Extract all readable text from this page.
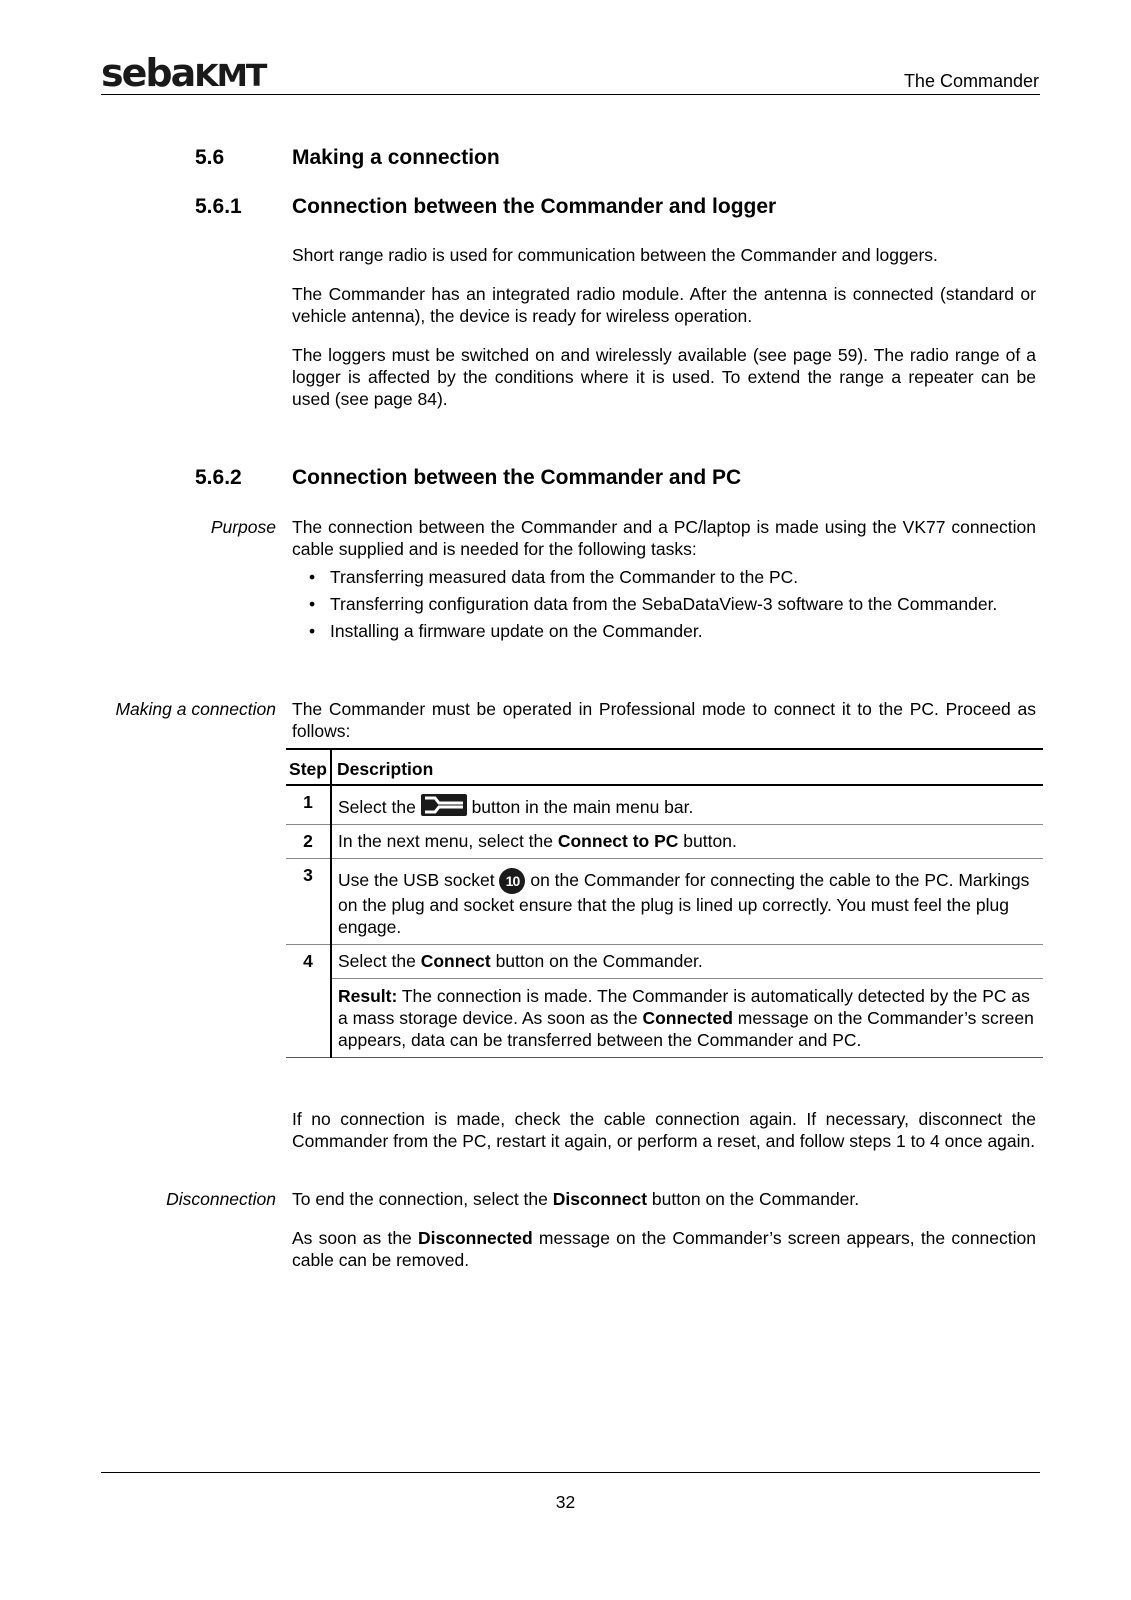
seba KMT	The Commander
5.6	Making a connection
5.6.1 Connection between the Commander and logger

Short range radio is used for communication between the Commander and loggers.

The Commander has an integrated radio module. After the antenna is connected (standard or vehicle antenna), the device is ready for wireless operation.

The loggers must be switched on and wirelessly available (see page 59). The radio range of a logger is affected by the conditions where it is used. To extend the range a repeater can be used (see page 84).

5.6.2 Connection between the Commander and PC
Purpose The connection between the Commander and a PC/laptop is made using the VK77 connection cable supplied and is needed for the following tasks:

• Transferring measured data from the Commander to the PC.
• Transferring configuration data from the SebaDataView-3 software to the Commander.
• Installing a firmware update on the Commander.
Making a connection The Commander must be operated in Professional mode to connect it to the PC. Proceed as follows:

Step	Description
1	Select the button in the main menu bar.
2	In the next menu, select the Connect to PC button.
3	Use the USB socket 10 on the Commander for connecting the cable to the PC. Markings on the plug and socket ensure that the plug is lined up correctly. You must feel the plug engage.
4	Select the Connect button on the Commander.
	Result: The connection is made. The Commander is automatically detected by the PC as a mass storage device. As soon as the Connected message on the Commander’s screen appears, data can be transferred between the Commander and PC.

If no connection is made, check the cable connection again. If necessary, disconnect the Commander from the PC, restart it again, or perform a reset, and follow steps 1 to 4 once again.

Disconnection To end the connection, select the Disconnect button on the Commander.

As soon as the Disconnected message on the Commander’s screen appears, the connection cable can be removed.

32
